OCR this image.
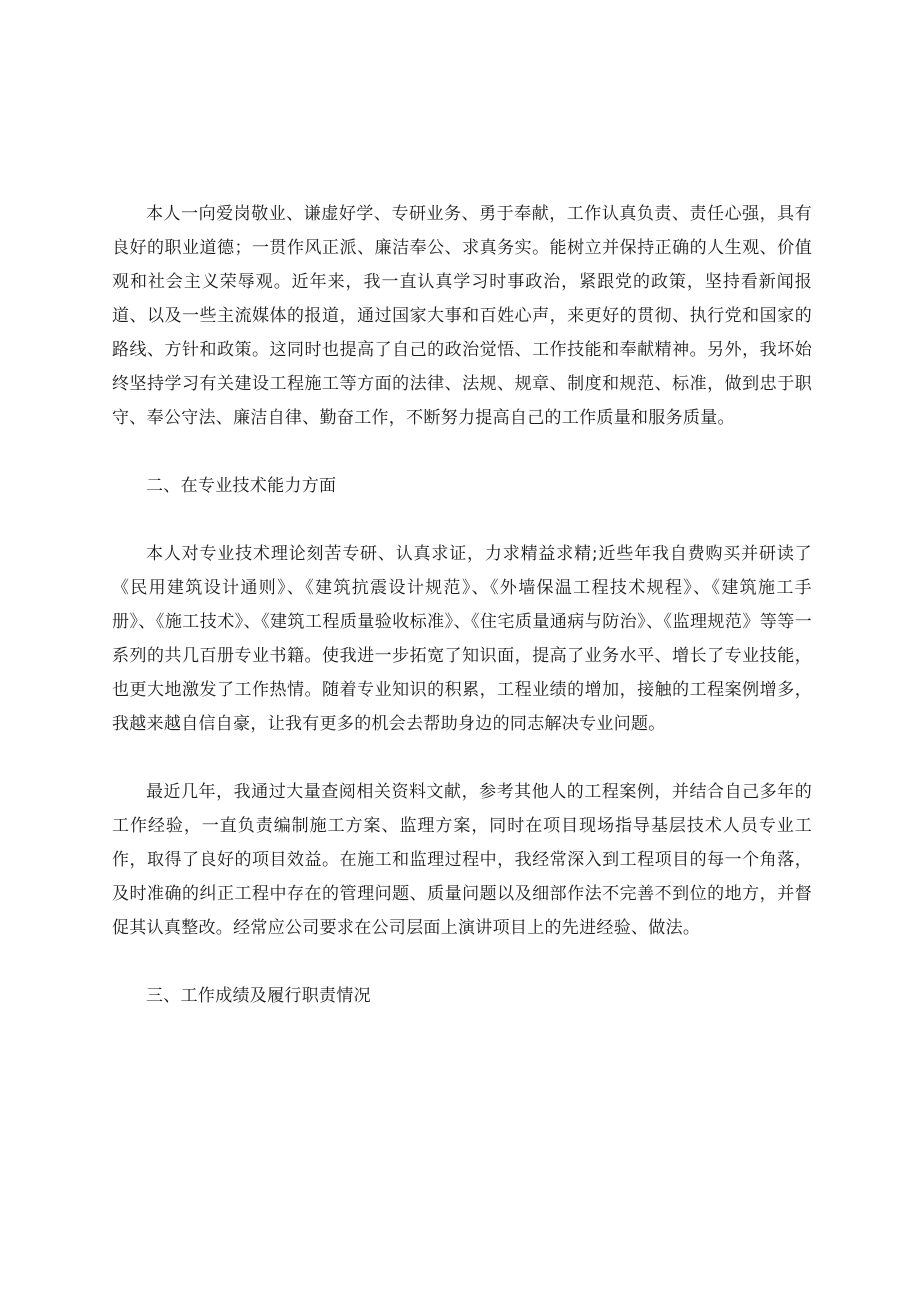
本人一向爱岗敬业、谦虚好学、专研业务、勇于奉献，工作认真负责、责任心强，具有良好的职业道德；一贯作风正派、廉洁奉公、求真务实。能树立并保持正确的人生观、价值观和社会主义荣辱观。近年来，我一直认真学习时事政治，紧跟党的政策，坚持看新闻报道、以及一些主流媒体的报道，通过国家大事和百姓心声，来更好的贯彻、执行党和国家的路线、方针和政策。这同时也提高了自己的政治觉悟、工作技能和奉献精神。另外，我坏始终坚持学习有关建设工程施工等方面的法律、法规、规章、制度和规范、标准，做到忠于职守、奉公守法、廉洁自律、勤奋工作，不断努力提高自己的工作质量和服务质量。

二、在专业技术能力方面

本人对专业技术理论刻苦专研、认真求证，力求精益求精;近些年我自费购买并研读了《民用建筑设计通则》、《建筑抗震设计规范》、《外墙保温工程技术规程》、《建筑施工手册》、《施工技术》、《建筑工程质量验收标准》、《住宅质量通病与防治》、《监理规范》等等一系列的共几百册专业书籍。使我进一步拓宽了知识面，提高了业务水平、增长了专业技能，也更大地激发了工作热情。随着专业知识的积累，工程业绩的增加，接触的工程案例增多，我越来越自信自豪，让我有更多的机会去帮助身边的同志解决专业问题。

最近几年，我通过大量查阅相关资料文献，参考其他人的工程案例，并结合自己多年的工作经验，一直负责编制施工方案、监理方案，同时在项目现场指导基层技术人员专业工作，取得了良好的项目效益。在施工和监理过程中，我经常深入到工程项目的每一个角落，及时准确的纠正工程中存在的管理问题、质量问题以及细部作法不完善不到位的地方，并督促其认真整改。经常应公司要求在公司层面上演讲项目上的先进经验、做法。

三、工作成绩及履行职责情况
